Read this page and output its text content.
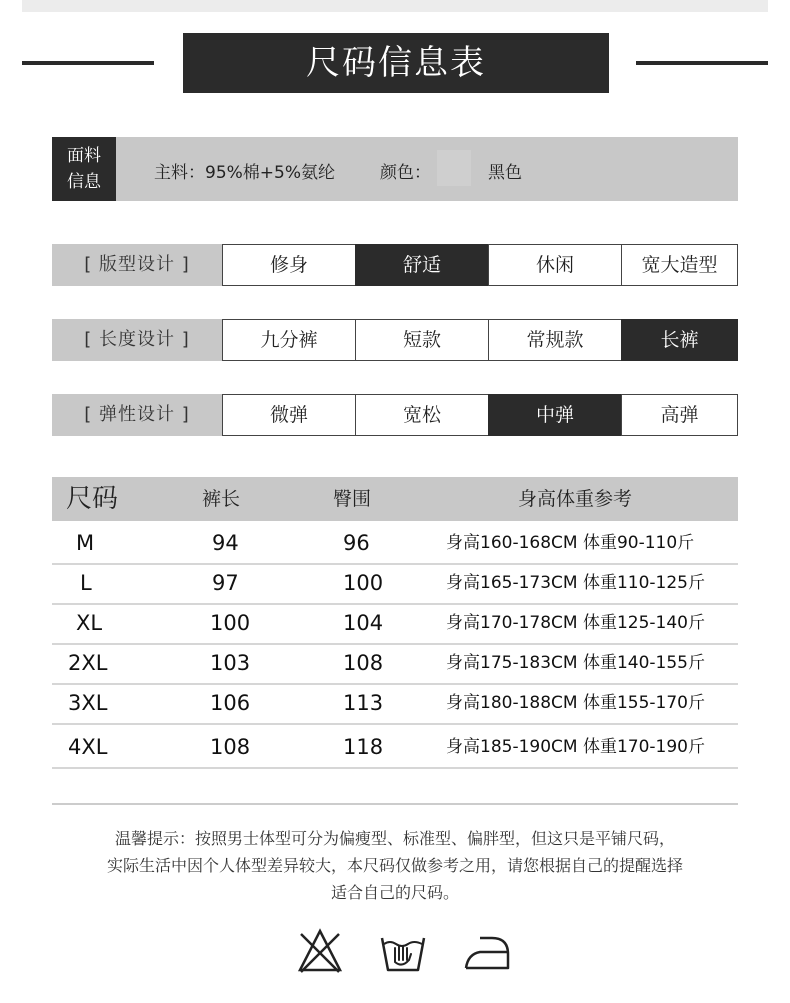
尺码信息表
面料
信息	主料：95%棉+5%氨纶	颜色：	黑色
[ 版型设计 ]	修身	舒适	休闲	宽大造型
[ 长度设计 ]	九分裤	短款	常规款	长裤
[ 弹性设计 ]	微弹	宽松	中弹	高弹
尺码	裤长	臀围	身高体重参考
M	94	96	身高160-168CM 体重90-110斤
L	97	100	身高165-173CM 体重110-125斤
XL	100	104	身高170-178CM 体重125-140斤
2XL	103	108	身高175-183CM 体重140-155斤
3XL	106	113	身高180-188CM 体重155-170斤
4XL	108	118	身高185-190CM 体重170-190斤
温馨提示：按照男士体型可分为偏瘦型、标准型、偏胖型，但这只是平铺尺码，
实际生活中因个人体型差异较大，本尺码仅做参考之用，请您根据自己的提醒选择
适合自己的尺码。
